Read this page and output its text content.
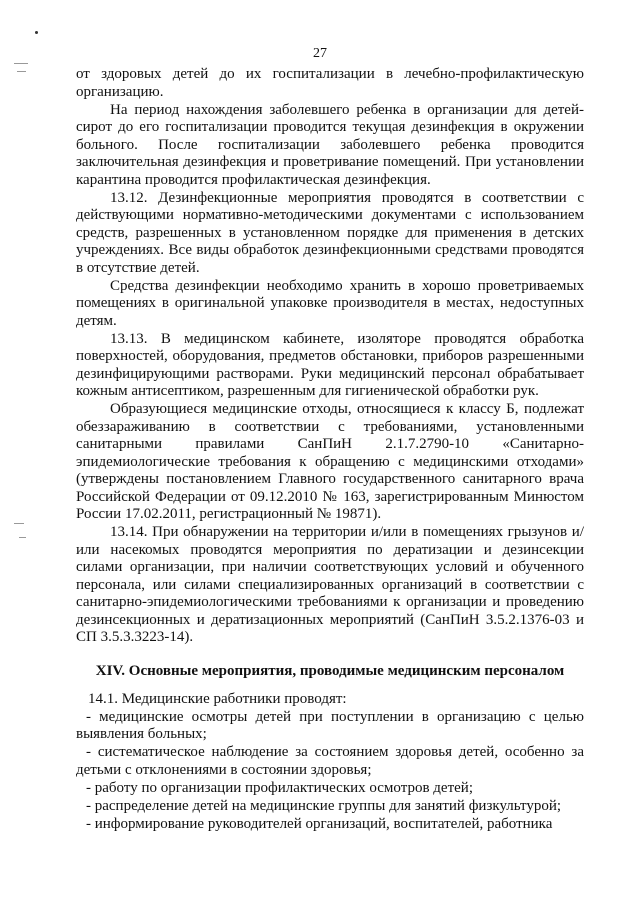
27

от здоровых детей до их госпитализации в лечебно-профилактическую организацию.

На период нахождения заболевшего ребенка в организации для детей-сирот до его госпитализации проводится текущая дезинфекция в окружении больного. После госпитализации заболевшего ребенка проводится заключительная дезинфекция и проветривание помещений. При установлении карантина проводится профилактическая дезинфекция.

13.12. Дезинфекционные мероприятия проводятся в соответствии с действующими нормативно-методическими документами с использованием средств, разрешенных в установленном порядке для применения в детских учреждениях. Все виды обработок дезинфекционными средствами проводятся в отсутствие детей.

Средства дезинфекции необходимо хранить в хорошо проветриваемых помещениях в оригинальной упаковке производителя в местах, недоступных детям.

13.13. В медицинском кабинете, изоляторе проводятся обработка поверхностей, оборудования, предметов обстановки, приборов разрешенными дезинфицирующими растворами. Руки медицинский персонал обрабатывает кожным антисептиком, разрешенным для гигиенической обработки рук.

Образующиеся медицинские отходы, относящиеся к классу Б, подлежат обеззараживанию в соответствии с требованиями, установленными санитарными правилами СанПиН 2.1.7.2790-10 «Санитарно-эпидемиологические требования к обращению с медицинскими отходами» (утверждены постановлением Главного государственного санитарного врача Российской Федерации от 09.12.2010 № 163, зарегистрированным Минюстом России 17.02.2011, регистрационный № 19871).

13.14. При обнаружении на территории и/или в помещениях грызунов и/или насекомых проводятся мероприятия по дератизации и дезинсекции силами организации, при наличии соответствующих условий и обученного персонала, или силами специализированных организаций в соответствии с санитарно-эпидемиологическими требованиями к организации и проведению дезинсекционных и дератизационных мероприятий (СанПиН 3.5.2.1376-03 и СП 3.5.3.3223-14).

XIV. Основные мероприятия, проводимые медицинским персоналом

14.1. Медицинские работники проводят:

- медицинские осмотры детей при поступлении в организацию с целью выявления больных;

- систематическое наблюдение за состоянием здоровья детей, особенно за детьми с отклонениями в состоянии здоровья;

- работу по организации профилактических осмотров детей;

- распределение детей на медицинские группы для занятий физкультурой;

- информирование руководителей организаций, воспитателей, работника
